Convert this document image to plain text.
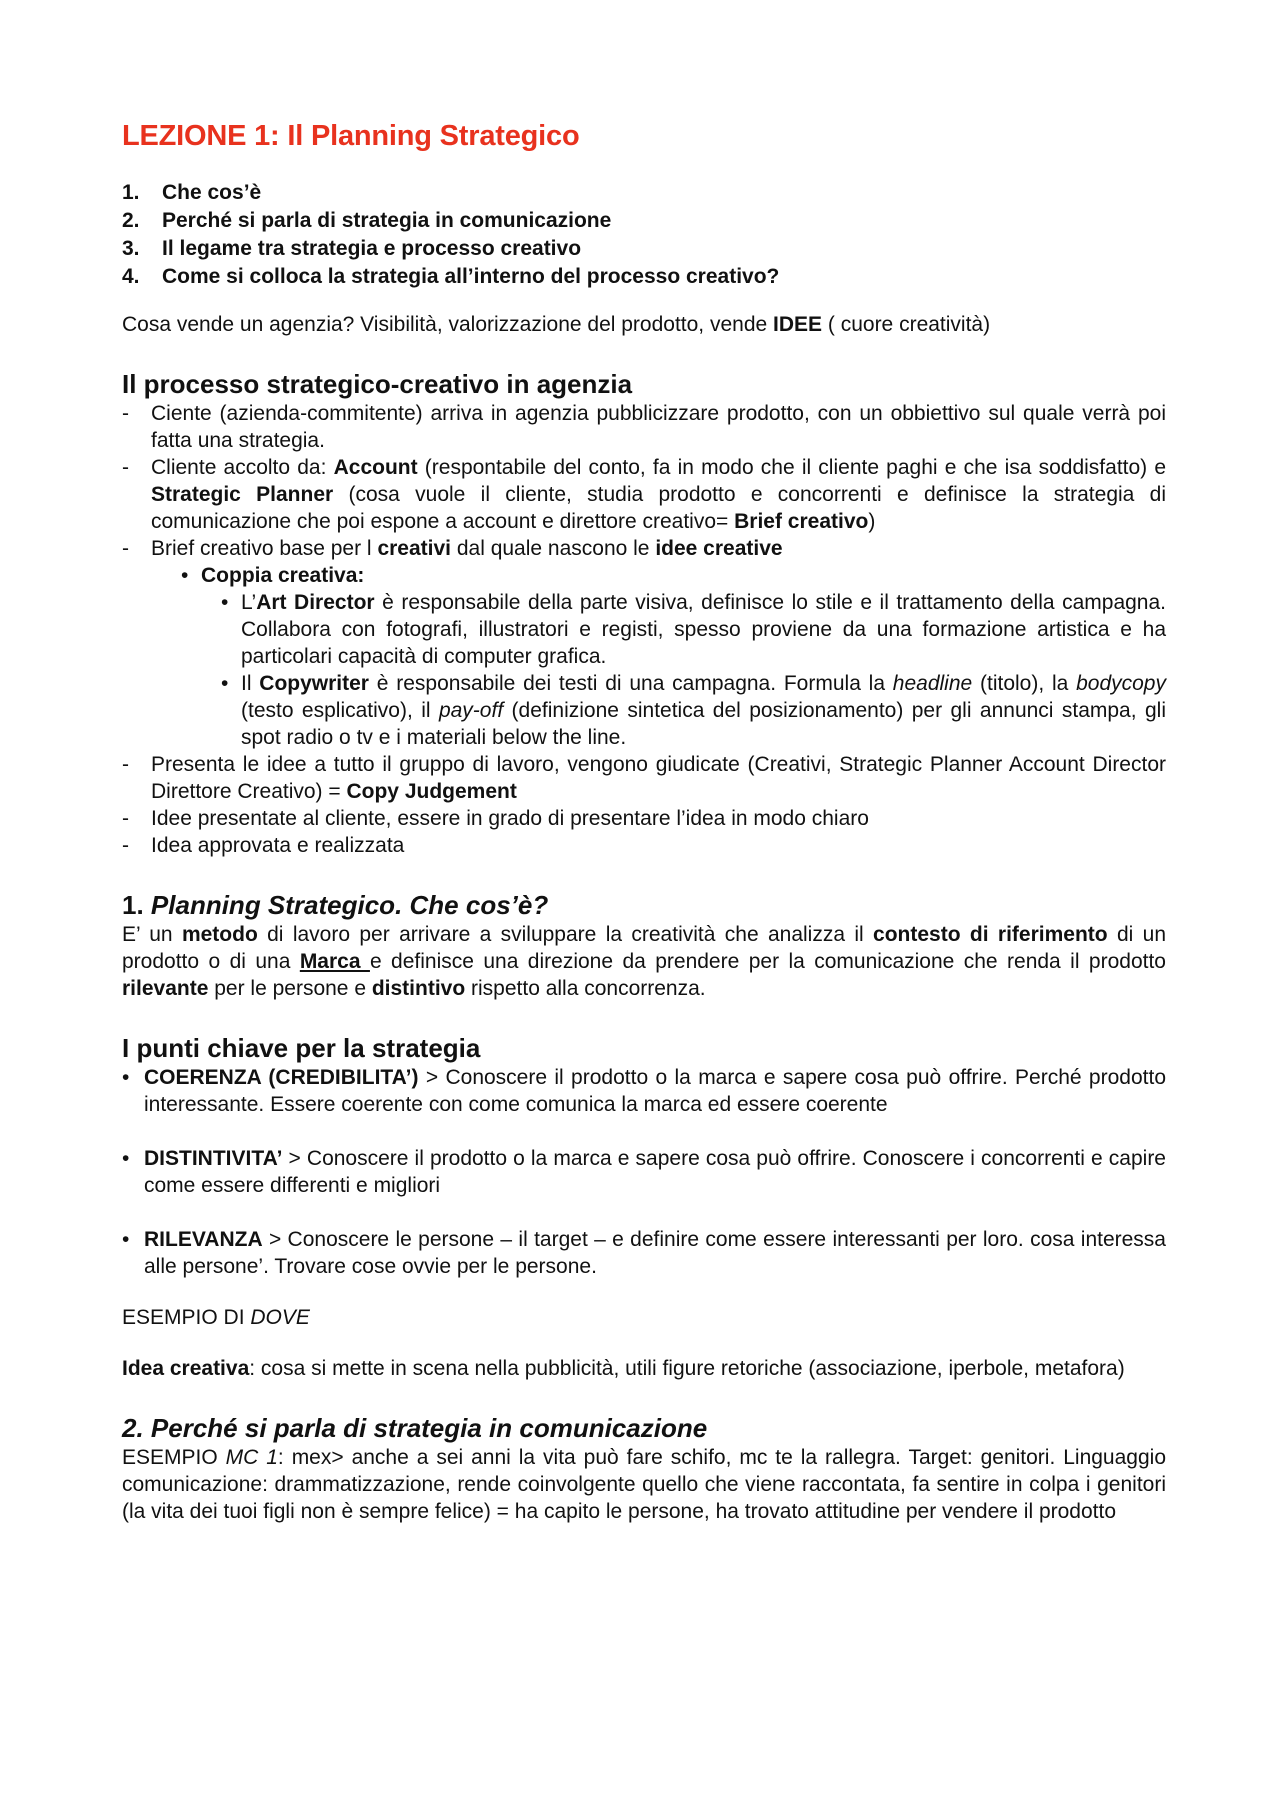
LEZIONE 1: Il Planning Strategico
1.	Che cos’è
2.	Perché si parla di strategia in comunicazione
3.	Il legame tra strategia e processo creativo
4.	Come si colloca la strategia all’interno del processo creativo?

Cosa vende un agenzia? Visibilità, valorizzazione del prodotto, vende IDEE ( cuore creatività)

Il processo strategico-creativo in agenzia
- Ciente (azienda-commitente) arriva in agenzia pubblicizzare prodotto, con un obbiettivo sul quale verrà poi fatta una strategia.
- Cliente accolto da: Account (respontabile del conto, fa in modo che il cliente paghi e che isa soddisfatto) e Strategic Planner (cosa vuole il cliente, studia prodotto e concorrenti e definisce la strategia di comunicazione che poi espone a account e direttore creativo= Brief creativo)
- Brief creativo base per l creativi dal quale nascono le idee creative
• Coppia creativa:
• L’Art Director è responsabile della parte visiva, definisce lo stile e il trattamento della campagna. Collabora con fotografi, illustratori e registi, spesso proviene da una formazione artistica e ha particolari capacità di computer grafica.
• Il Copywriter è responsabile dei testi di una campagna. Formula la headline (titolo), la bodycopy (testo esplicativo), il pay-off (definizione sintetica del posizionamento) per gli annunci stampa, gli spot radio o tv e i materiali below the line.
- Presenta le idee a tutto il gruppo di lavoro, vengono giudicate (Creativi, Strategic Planner Account Director Direttore Creativo) = Copy Judgement
- Idee presentate al cliente, essere in grado di presentare l’idea in modo chiaro
- Idea approvata e realizzata
1. Planning Strategico. Che cos’è?

E’ un metodo di lavoro per arrivare a sviluppare la creatività che analizza il contesto di riferimento di un prodotto o di una Marca e definisce una direzione da prendere per la comunicazione che renda il prodotto rilevante per le persone e distintivo rispetto alla concorrenza.

I punti chiave per la strategia
• COERENZA (CREDIBILITA’) > Conoscere il prodotto o la marca e sapere cosa può offrire. Perché prodotto interessante. Essere coerente con come comunica la marca ed essere coerente
• DISTINTIVITA’ > Conoscere il prodotto o la marca e sapere cosa può offrire. Conoscere i concorrenti e capire come essere differenti e migliori
• RILEVANZA > Conoscere le persone – il target – e definire come essere interessanti per loro. cosa interessa alle persone’. Trovare cose ovvie per le persone.

ESEMPIO DI DOVE

Idea creativa: cosa si mette in scena nella pubblicità, utili figure retoriche (associazione, iperbole, metafora)

2. Perché si parla di strategia in comunicazione

ESEMPIO MC 1: mex> anche a sei anni la vita può fare schifo, mc te la rallegra. Target: genitori. Linguaggio comunicazione: drammatizzazione, rende coinvolgente quello che viene raccontata, fa sentire in colpa i genitori (la vita dei tuoi figli non è sempre felice) = ha capito le persone, ha trovato attitudine per vendere il prodotto
